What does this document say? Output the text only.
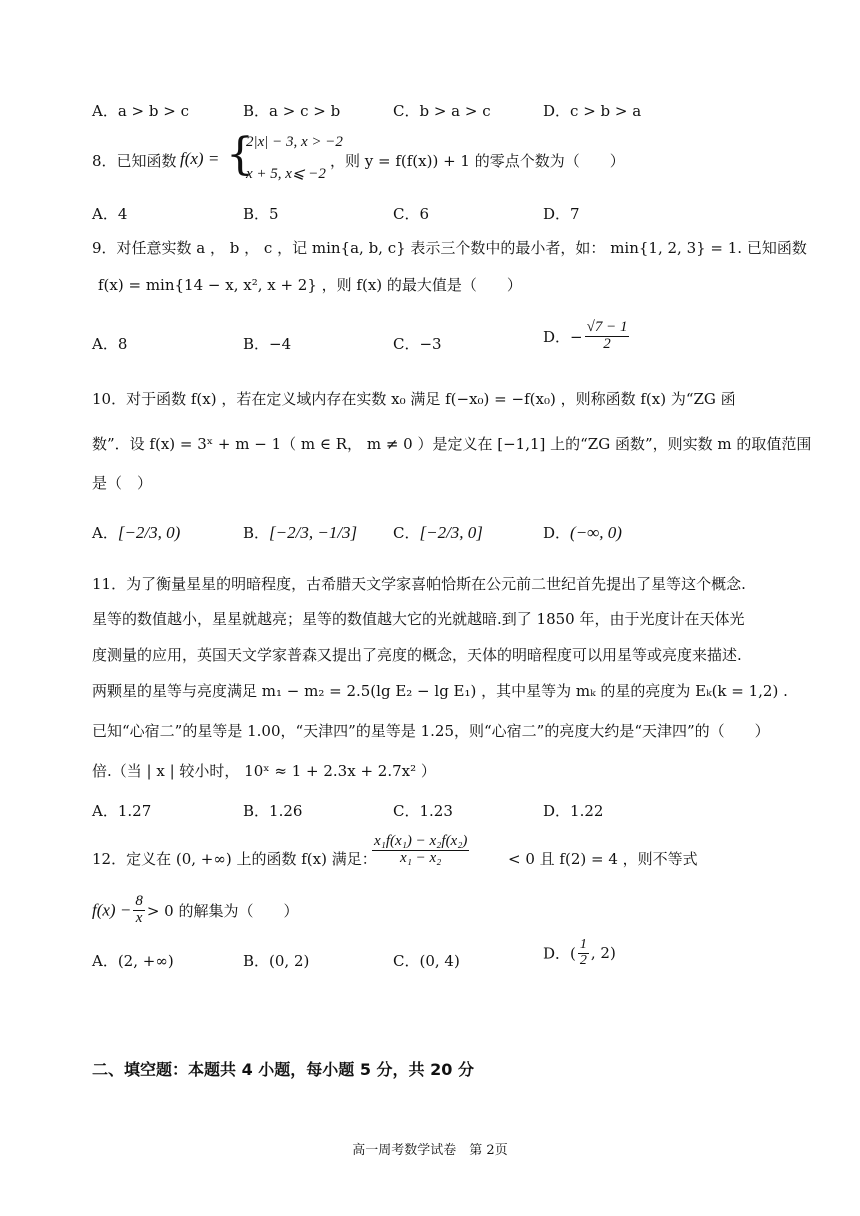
A．a > b > c	B．a > c > b	C．b > a > c	D．c > b > a
8．已知函数 f(x) = {
2|x| − 3, x > −2
x + 5, x⩽ −2
，则 y = f(f(x)) + 1 的零点个数为（　　）
A．4	B．5	C．6	D．7
9．对任意实数 a ， b ， c ，记 min{a, b, c} 表示三个数中的最小者，如： min{1, 2, 3} = 1. 已知函数
f(x) = min{14 − x, x², x + 2} ，则 f(x) 的最大值是（　　）
A．8	B．−4	C．−3	D．− $\frac{√7 - 1}{2}$
10．对于函数 f(x) ，若在定义域内存在实数 x₀ 满足 f(−x₀) = −f(x₀) ，则称函数 f(x) 为“ZG 函
数”．设 f(x) = 3ˣ + m − 1（ m ∈ R， m ≠ 0 ）是定义在 [−1,1] 上的“ZG 函数”，则实数 m 的取值范围
是（　）
A．[−2/3, 0)	B．[−2/3, −1/3] C．[−2/3, 0]	D．(−∞, 0)
11．为了衡量星星的明暗程度，古希腊天文学家喜帕恰斯在公元前二世纪首先提出了星等这个概念.
星等的数值越小，星星就越亮；星等的数值越大它的光就越暗.到了 1850 年，由于光度计在天体光
度测量的应用，英国天文学家普森又提出了亮度的概念，天体的明暗程度可以用星等或亮度来描述.
两颗星的星等与亮度满足 m₁ − m₂ = 2.5(lg E₂ − lg E₁) ，其中星等为 mₖ 的星的亮度为 Eₖ(k = 1,2) .
已知“心宿二”的星等是 1.00，“天津四”的星等是 1.25，则“心宿二”的亮度大约是“天津四”的（　　）
倍.（当 | x | 较小时， 10ˣ ≈ 1 + 2.3x + 2.7x² ）
A．1.27	B．1.26	C．1.23	D．1.22
12．定义在 (0, +∞) 上的函数 f(x) 满足：
$\frac{\text{x₁f(x₁) − x₂f(x₂)}}{\text{x₁ − x₂}}$	< 0 且 f(2) = 4 ，则不等式
$f(x) - \frac{8}{x} > 0$ 的解集为（　　）
A．(2, +∞)	B．(0, 2)	C．(0, 4)	D．( $\frac{1}{2}$ , 2)
二、填空题：本题共 4 小题，每小题 5 分，共 20 分
高一周考数学试卷　第 2页
